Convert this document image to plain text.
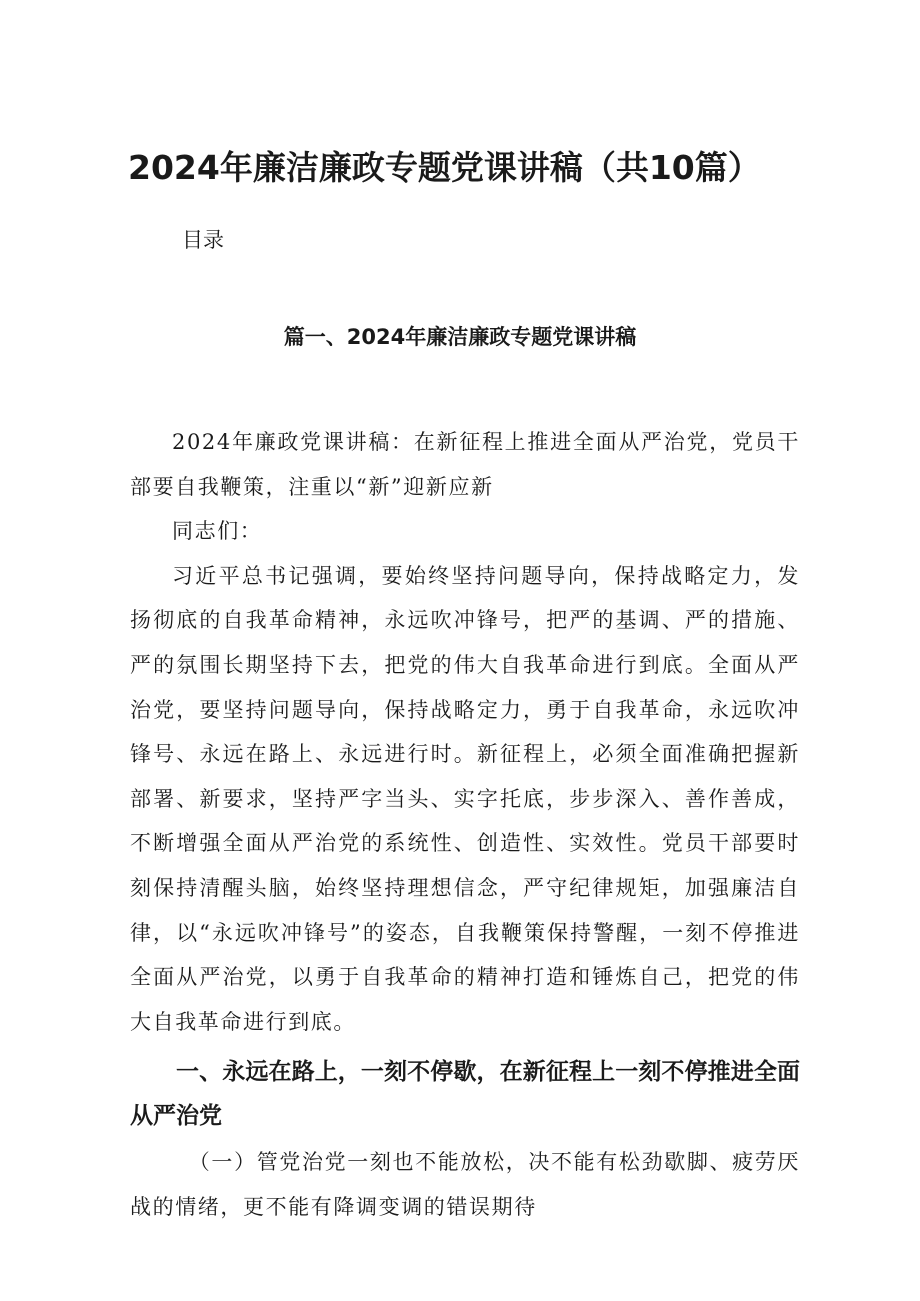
2024年廉洁廉政专题党课讲稿（共10篇）
目录
篇一、2024年廉洁廉政专题党课讲稿

2024年廉政党课讲稿：在新征程上推进全面从严治党，党员干部要自我鞭策，注重以“新”迎新应新

同志们：

习近平总书记强调，要始终坚持问题导向，保持战略定力，发扬彻底的自我革命精神，永远吹冲锋号，把严的基调、严的措施、严的氛围长期坚持下去，把党的伟大自我革命进行到底。全面从严治党，要坚持问题导向，保持战略定力，勇于自我革命，永远吹冲锋号、永远在路上、永远进行时。新征程上，必须全面准确把握新部署、新要求，坚持严字当头、实字托底，步步深入、善作善成，不断增强全面从严治党的系统性、创造性、实效性。党员干部要时刻保持清醒头脑，始终坚持理想信念，严守纪律规矩，加强廉洁自律，以“永远吹冲锋号”的姿态，自我鞭策保持警醒，一刻不停推进全面从严治党，以勇于自我革命的精神打造和锤炼自己，把党的伟大自我革命进行到底。

一、永远在路上，一刻不停歇，在新征程上一刻不停推进全面从严治党

（一）管党治党一刻也不能放松，决不能有松劲歇脚、疲劳厌战的情绪，更不能有降调变调的错误期待
